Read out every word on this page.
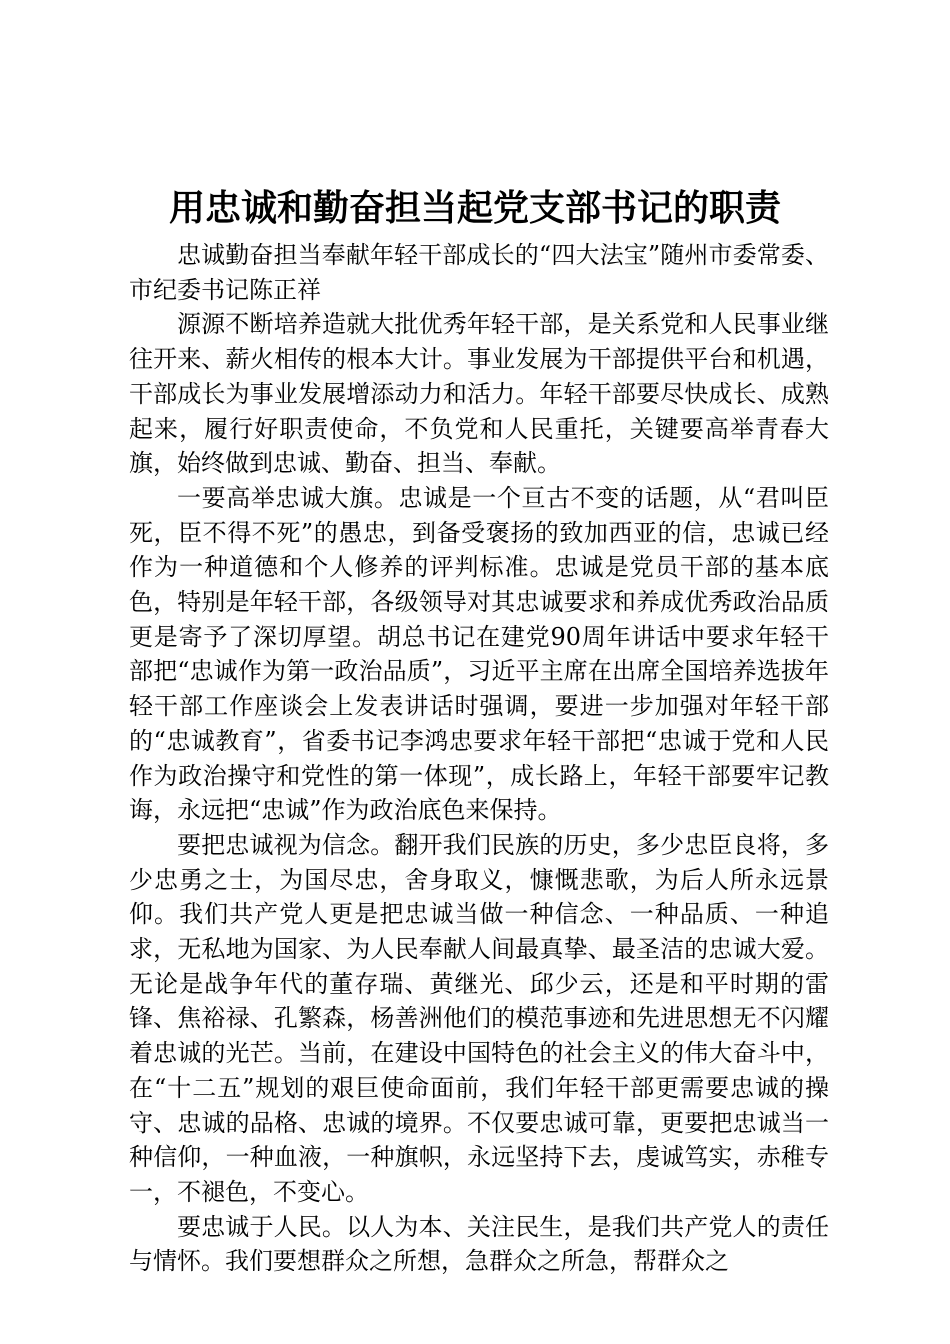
用忠诚和勤奋担当起党支部书记的职责

忠诚勤奋担当奉献年轻干部成长的“四大法宝”随州市委常委、市纪委书记陈正祥

源源不断培养造就大批优秀年轻干部，是关系党和人民事业继往开来、薪火相传的根本大计。事业发展为干部提供平台和机遇，干部成长为事业发展增添动力和活力。年轻干部要尽快成长、成熟起来，履行好职责使命，不负党和人民重托，关键要高举青春大旗，始终做到忠诚、勤奋、担当、奉献。

一要高举忠诚大旗。忠诚是一个亘古不变的话题，从“君叫臣死，臣不得不死”的愚忠，到备受褒扬的致加西亚的信，忠诚已经作为一种道德和个人修养的评判标准。忠诚是党员干部的基本底色，特别是年轻干部，各级领导对其忠诚要求和养成优秀政治品质更是寄予了深切厚望。胡总书记在建党90周年讲话中要求年轻干部把“忠诚作为第一政治品质”，习近平主席在出席全国培养选拔年轻干部工作座谈会上发表讲话时强调，要进一步加强对年轻干部的“忠诚教育”，省委书记李鸿忠要求年轻干部把“忠诚于党和人民作为政治操守和党性的第一体现”，成长路上，年轻干部要牢记教诲，永远把“忠诚”作为政治底色来保持。

要把忠诚视为信念。翻开我们民族的历史，多少忠臣良将，多少忠勇之士，为国尽忠，舍身取义，慷慨悲歌，为后人所永远景仰。我们共产党人更是把忠诚当做一种信念、一种品质、一种追求，无私地为国家、为人民奉献人间最真挚、最圣洁的忠诚大爱。无论是战争年代的董存瑞、黄继光、邱少云，还是和平时期的雷锋、焦裕禄、孔繁森，杨善洲他们的模范事迹和先进思想无不闪耀着忠诚的光芒。当前，在建设中国特色的社会主义的伟大奋斗中，在“十二五”规划的艰巨使命面前，我们年轻干部更需要忠诚的操守、忠诚的品格、忠诚的境界。不仅要忠诚可靠，更要把忠诚当一种信仰，一种血液，一种旗帜，永远坚持下去，虔诚笃实，赤稚专一，不褪色，不变心。

要忠诚于人民。以人为本、关注民生，是我们共产党人的责任与情怀。我们要想群众之所想，急群众之所急，帮群众之
